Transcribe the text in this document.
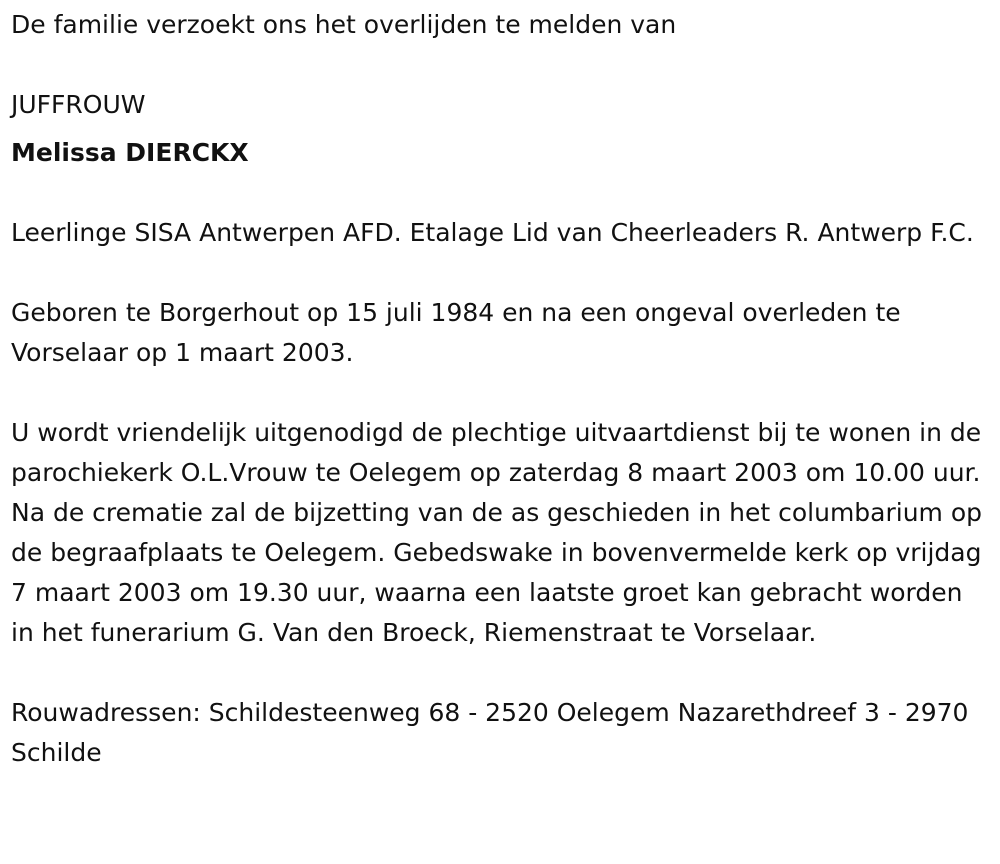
De familie verzoekt ons het overlijden te melden van

JUFFROUW

Melissa DIERCKX

Leerlinge SISA Antwerpen AFD. Etalage Lid van Cheerleaders R. Antwerp F.C.

Geboren te Borgerhout op 15 juli 1984 en na een ongeval overleden te Vorselaar op 1 maart 2003.

U wordt vriendelijk uitgenodigd de plechtige uitvaartdienst bij te wonen in de parochiekerk O.L.Vrouw te Oelegem op zaterdag 8 maart 2003 om 10.00 uur. Na de crematie zal de bijzetting van de as geschieden in het columbarium op de begraafplaats te Oelegem. Gebedswake in bovenvermelde kerk op vrijdag 7 maart 2003 om 19.30 uur, waarna een laatste groet kan gebracht worden in het funerarium G. Van den Broeck, Riemenstraat te Vorselaar.

Rouwadressen: Schildesteenweg 68 - 2520 Oelegem Nazarethdreef 3 - 2970 Schilde
